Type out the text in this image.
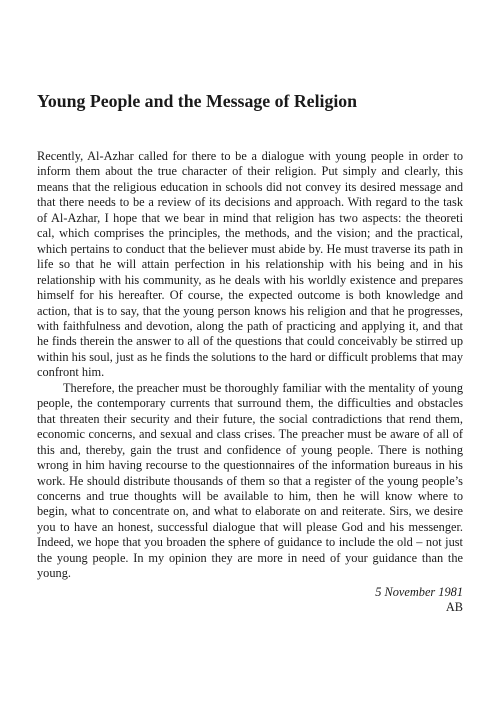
Young People and the Message of Religion

Recently, Al-Azhar called for there to be a dialogue with young people in order to inform them about the true character of their religion. Put simply and clearly, this means that the religious education in schools did not convey its desired message and that there needs to be a review of its decisions and approach. With regard to the task of Al-Azhar, I hope that we bear in mind that religion has two aspects: the theoreti cal, which comprises the principles, the methods, and the vision; and the practical, which pertains to conduct that the believer must abide by. He must traverse its path in life so that he will attain perfection in his relationship with his being and in his relationship with his community, as he deals with his worldly existence and prepares himself for his hereafter. Of course, the expected outcome is both knowledge and action, that is to say, that the young person knows his religion and that he progresses, with faithfulness and devotion, along the path of practicing and applying it, and that he finds therein the answer to all of the questions that could conceivably be stirred up within his soul, just as he finds the solutions to the hard or difficult problems that may confront him.

Therefore, the preacher must be thoroughly familiar with the mentality of young people, the contemporary currents that surround them, the difficulties and obstacles that threaten their security and their future, the social contradictions that rend them, economic concerns, and sexual and class crises. The preacher must be aware of all of this and, thereby, gain the trust and confidence of young people. There is nothing wrong in him having recourse to the questionnaires of the information bureaus in his work. He should distribute thousands of them so that a register of the young people’s concerns and true thoughts will be available to him, then he will know where to begin, what to concentrate on, and what to elaborate on and reiterate. Sirs, we desire you to have an honest, successful dialogue that will please God and his messenger. Indeed, we hope that you broaden the sphere of guidance to include the old – not just the young people. In my opinion they are more in need of your guidance than the young.

5 November 1981
AB
